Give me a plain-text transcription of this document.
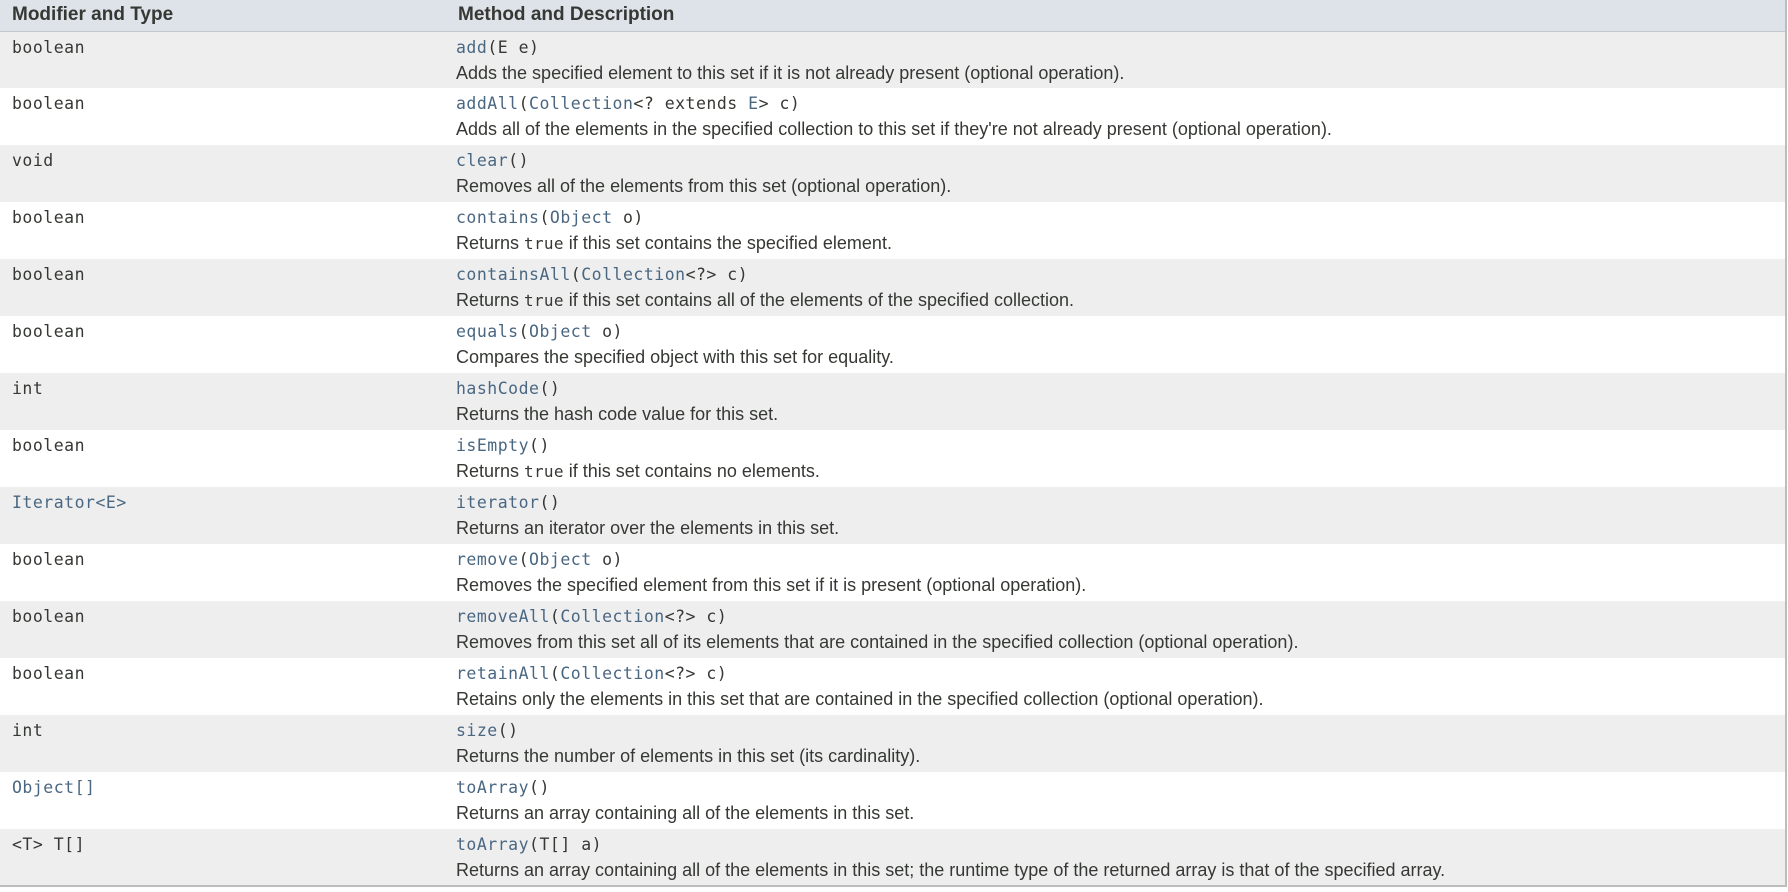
Modifier and Type	Method and Description
boolean	add(E e)
Adds the specified element to this set if it is not already present (optional operation).

boolean	addAll(Collection<? extends E> c)
Adds all of the elements in the specified collection to this set if they're not already present (optional operation).

void	clear()
Removes all of the elements from this set (optional operation).

boolean	contains(Object o)
Returns true if this set contains the specified element.

boolean	containsAll(Collection<?> c)
Returns true if this set contains all of the elements of the specified collection.

boolean	equals(Object o)
Compares the specified object with this set for equality.

int	hashCode()
Returns the hash code value for this set.

boolean	isEmpty()
Returns true if this set contains no elements.

Iterator<E>	iterator()
Returns an iterator over the elements in this set.

boolean	remove(Object o)
Removes the specified element from this set if it is present (optional operation).

boolean	removeAll(Collection<?> c)
Removes from this set all of its elements that are contained in the specified collection (optional operation).

boolean	retainAll(Collection<?> c)
Retains only the elements in this set that are contained in the specified collection (optional operation).

int	size()
Returns the number of elements in this set (its cardinality).

Object[]	toArray()
Returns an array containing all of the elements in this set.

<T> T[]	toArray(T[] a)
Returns an array containing all of the elements in this set; the runtime type of the returned array is that of the specified array.
